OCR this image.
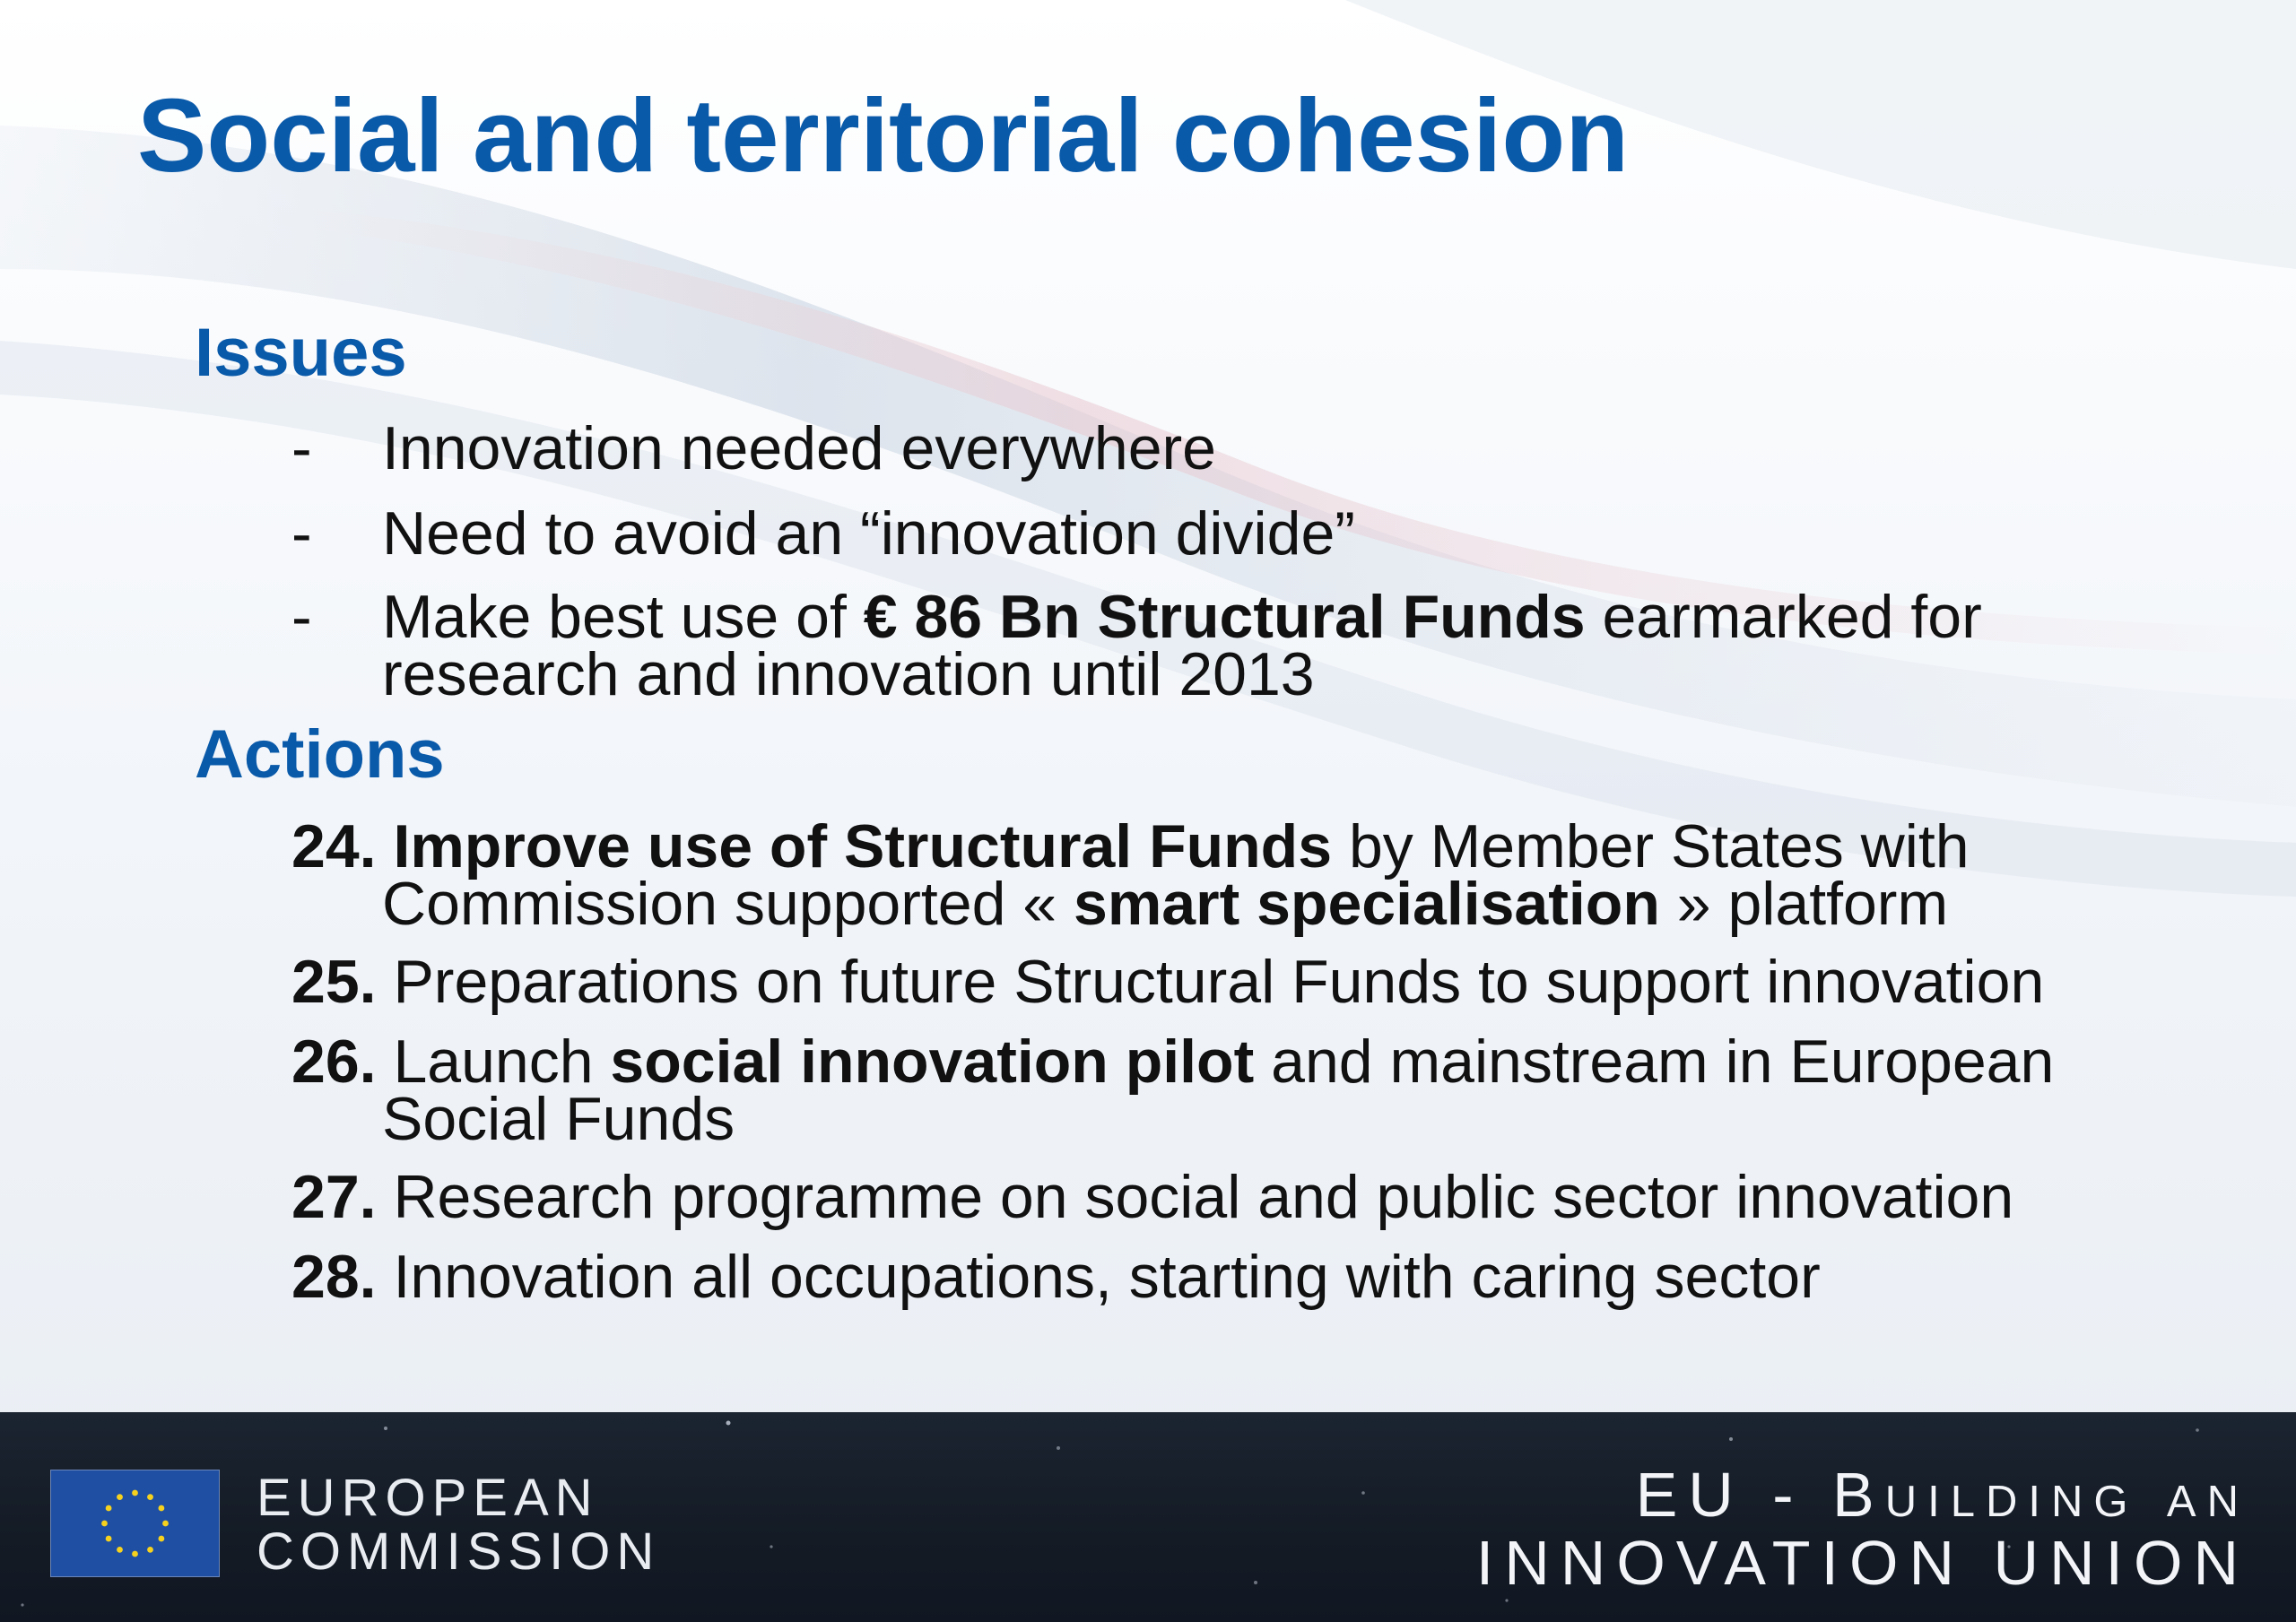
Social and territorial cohesion
Issues
- Innovation needed everywhere
- Need to avoid an “innovation divide”
- Make best use of € 86 Bn Structural Funds earmarked for
research and innovation until 2013
Actions
24. Improve use of Structural Funds by Member States with
Commission supported « smart specialisation » platform
25. Preparations on future Structural Funds to support innovation
26. Launch social innovation pilot and mainstream in European
Social Funds
27. Research programme on social and public sector innovation
28. Innovation all occupations, starting with caring sector
EUROPEAN
COMMISSION
EU - Building an
INNOVATION UNION
